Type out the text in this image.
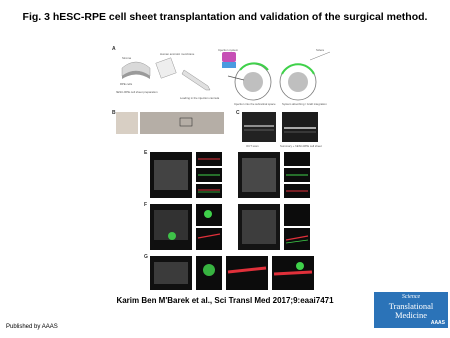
Fig. 3 hESC-RPE cell sheet transplantation and validation of the surgical method.
A
B	C
E
F
G
Stroma
RPE cells
Human amniotic membrane
hESC-RPE cell sheet preparation
Loading in the injection cannula
Injection system
Injection into the subretinal space
Sclera
System absorbing / Graft integration
OCT scan	Summary + hESC-RPE cell sheet
Karim Ben M'Barek et al., Sci Transl Med 2017;9:eaai7471	Science
Translational
Medicine
AAAS
Published by AAAS
